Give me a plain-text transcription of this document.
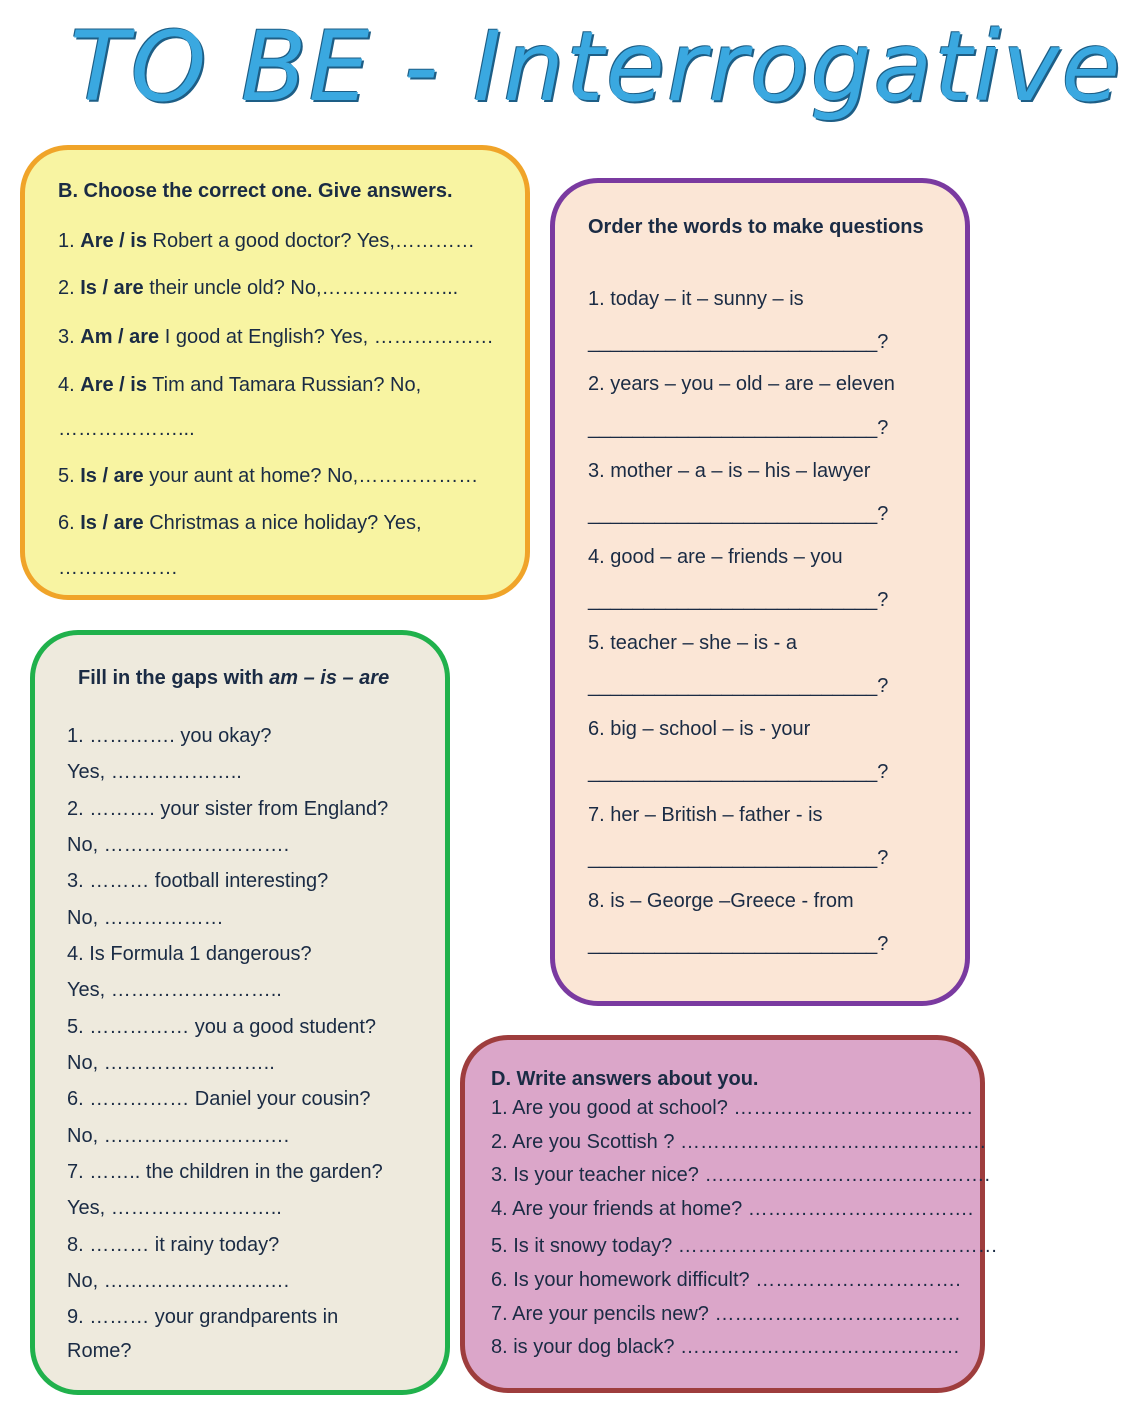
TO BE - Interrogative
B. Choose the correct one. Give answers.
1. Are / is Robert a good doctor? Yes,…………
2. Is / are their uncle old? No,………………...
3. Am / are I good at English? Yes, ………………
4. Are / is Tim and Tamara Russian? No,
………………...
5. Is / are your aunt at home? No,………………
6. Is / are Christmas a nice holiday? Yes,
………………
Order the words to make questions
1. today – it – sunny – is
__________________________?
2. years – you – old – are – eleven
__________________________?
3. mother – a – is – his – lawyer
__________________________?
4. good – are – friends – you
__________________________?
5. teacher – she – is - a
__________________________?
6. big – school – is - your
__________________________?
7. her – British – father - is
__________________________?
8. is – George –Greece - from
__________________________?
Fill in the gaps with am – is – are
1. …………. you okay?
Yes, ………………..
2. ………. your sister from England?
No, ……………………….
3. ……… football interesting?
No, ………………
4. Is Formula 1 dangerous?
Yes, ……………………..
5. …………… you a good student?
No, ……………………..
6. …………… Daniel your cousin?
No, ……………………….
7. …….. the children in the garden?
Yes, ……………………..
8. ……… it rainy today?
No, ……………………….
9. ……… your grandparents in
Rome?
D. Write answers about you.
1. Are you good at school? ………………………………
2. Are you Scottish ? ……………………………………….
3. Is your teacher nice? …………………………………….
4. Are your friends at home? …………………………….
5. Is it snowy today? …………………………………………
6. Is your homework difficult? ………………………….
7. Are your pencils new? ……………………………….
8. is your dog black? ……………………………………
